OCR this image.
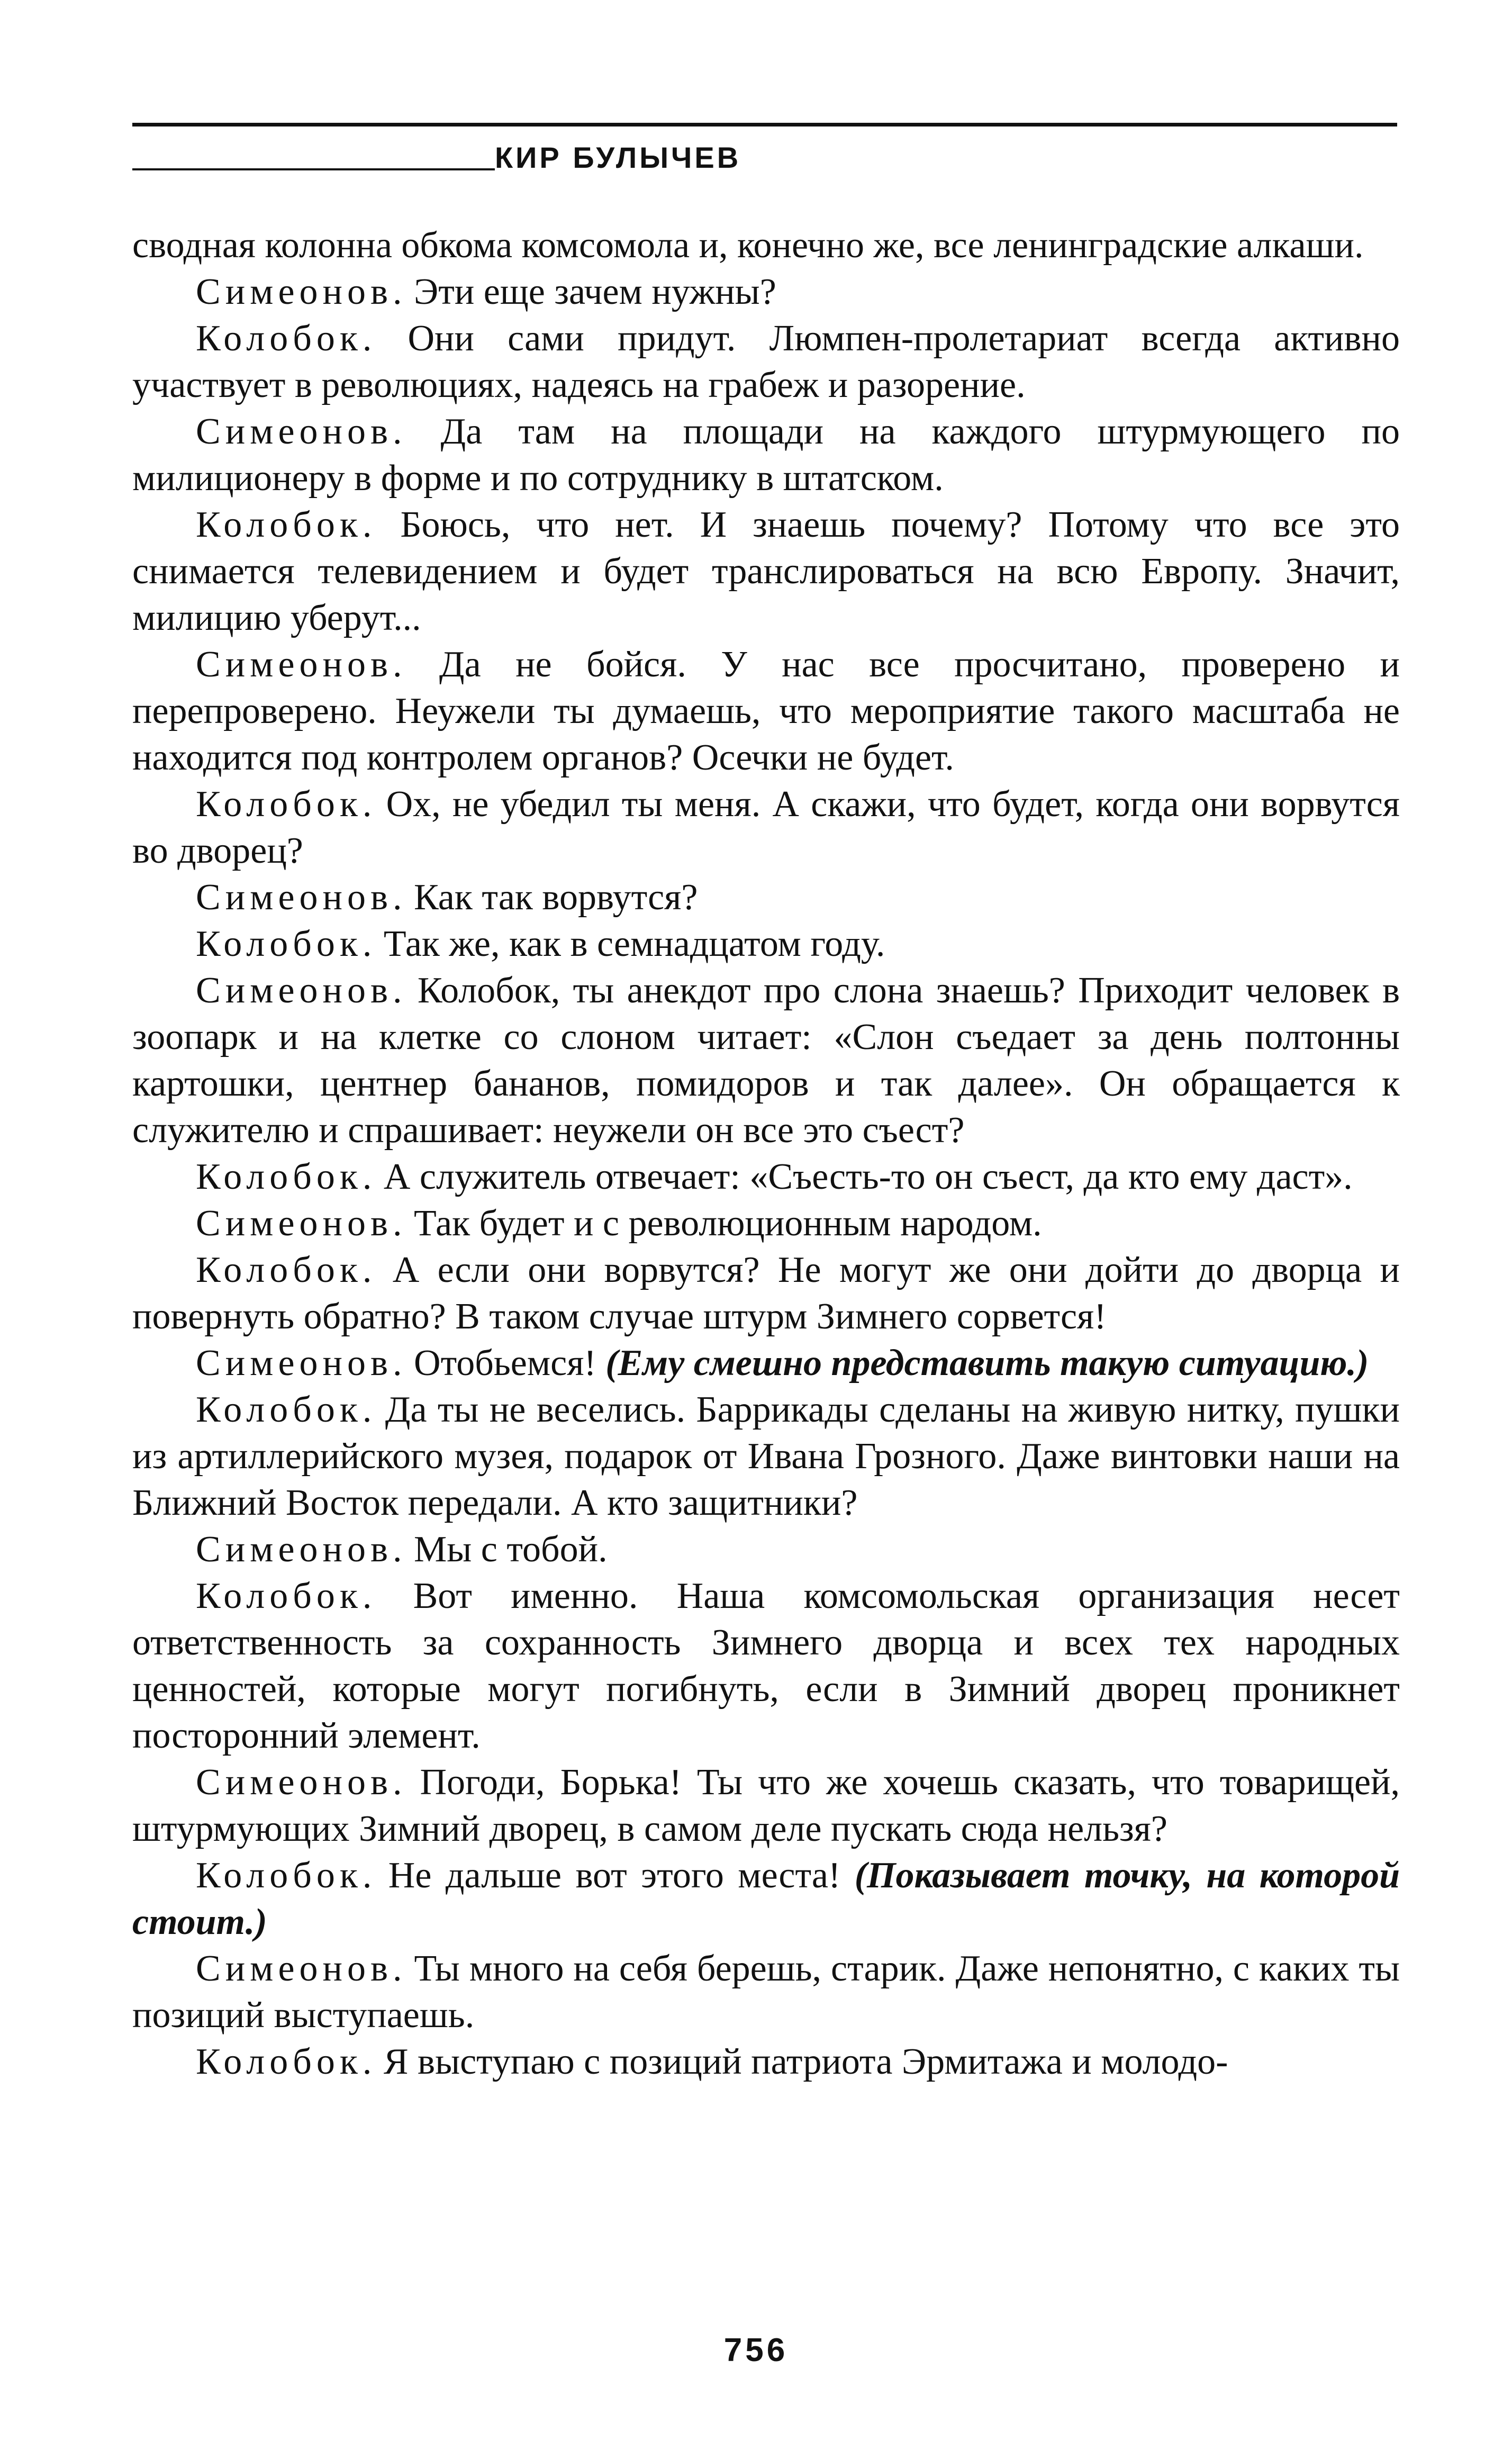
КИР БУЛЫЧЕВ

сводная колонна обкома комсомола и, конечно же, все ленинградские алкаши.

Симеонов. Эти еще зачем нужны?

Колобок. Они сами придут. Люмпен-пролетариат всегда активно участвует в революциях, надеясь на грабеж и разорение.

Симеонов. Да там на площади на каждого штурмующего по милиционеру в форме и по сотруднику в штатском.

Колобок. Боюсь, что нет. И знаешь почему? Потому что все это снимается телевидением и будет транслироваться на всю Европу. Значит, милицию уберут...

Симеонов. Да не бойся. У нас все просчитано, проверено и перепроверено. Неужели ты думаешь, что мероприятие такого масштаба не находится под контролем органов? Осечки не будет.

Колобок. Ох, не убедил ты меня. А скажи, что будет, когда они ворвутся во дворец?

Симеонов. Как так ворвутся?

Колобок. Так же, как в семнадцатом году.

Симеонов. Колобок, ты анекдот про слона знаешь? Приходит человек в зоопарк и на клетке со слоном читает: «Слон съедает за день полтонны картошки, центнер бананов, помидоров и так далее». Он обращается к служителю и спрашивает: неужели он все это съест?

Колобок. А служитель отвечает: «Съесть-то он съест, да кто ему даст».

Симеонов. Так будет и с революционным народом.

Колобок. А если они ворвутся? Не могут же они дойти до дворца и повернуть обратно? В таком случае штурм Зимнего сорвется!

Симеонов. Отобьемся! (Ему смешно представить такую ситуацию.)

Колобок. Да ты не веселись. Баррикады сделаны на живую нитку, пушки из артиллерийского музея, подарок от Ивана Грозного. Даже винтовки наши на Ближний Восток передали. А кто защитники?

Симеонов. Мы с тобой.

Колобок. Вот именно. Наша комсомольская организация несет ответственность за сохранность Зимнего дворца и всех тех народных ценностей, которые могут погибнуть, если в Зимний дворец проникнет посторонний элемент.

Симеонов. Погоди, Борька! Ты что же хочешь сказать, что товарищей, штурмующих Зимний дворец, в самом деле пускать сюда нельзя?

Колобок. Не дальше вот этого места! (Показывает точку, на которой стоит.)

Симеонов. Ты много на себя берешь, старик. Даже непонятно, с каких ты позиций выступаешь.

Колобок. Я выступаю с позиций патриота Эрмитажа и молодо-

756
